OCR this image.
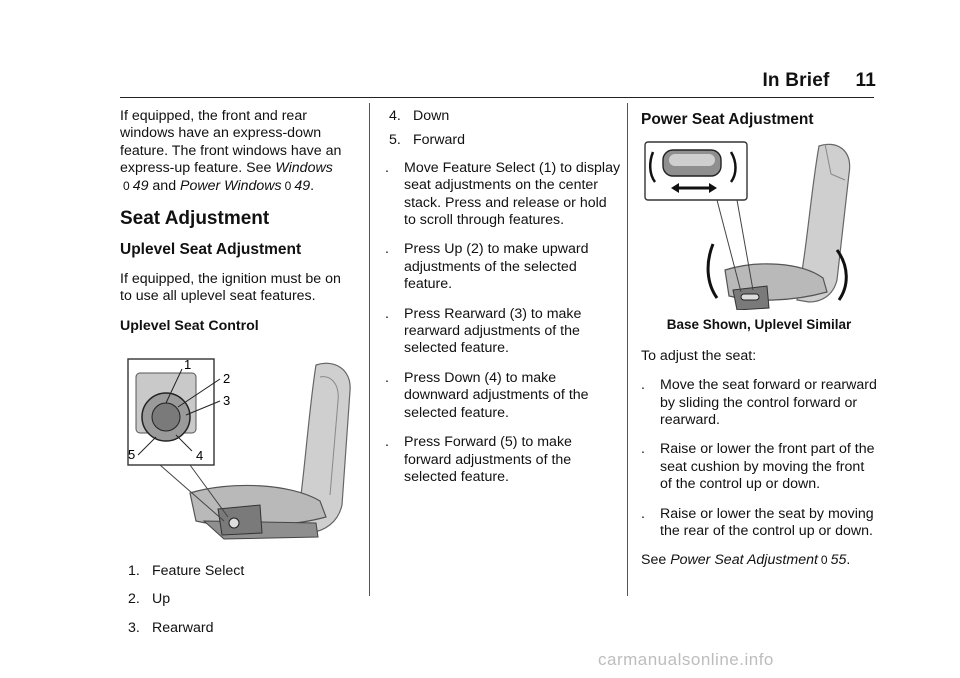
In Brief 11

If equipped, the front and rear windows have an express-down feature. The front windows have an express-up feature. See Windows
0 49 and Power Windows 0 49.

Seat Adjustment
Uplevel Seat Adjustment

If equipped, the ignition must be on to use all uplevel seat features.

Uplevel Seat Control
1
2
3
4
5
1. Feature Select
2. Up
3. Rearward
4. Down
5. Forward
. Move Feature Select (1) to display seat adjustments on the center stack. Press and release or hold to scroll through features.
. Press Up (2) to make upward adjustments of the selected feature.
. Press Rearward (3) to make rearward adjustments of the selected feature.
. Press Down (4) to make downward adjustments of the selected feature.
. Press Forward (5) to make forward adjustments of the selected feature.
Power Seat Adjustment
Base Shown, Uplevel Similar

To adjust the seat:

. Move the seat forward or rearward by sliding the control forward or rearward.
. Raise or lower the front part of the seat cushion by moving the front of the control up or down.
. Raise or lower the seat by moving the rear of the control up or down.

See Power Seat Adjustment 0 55.

carmanualsonline.info
